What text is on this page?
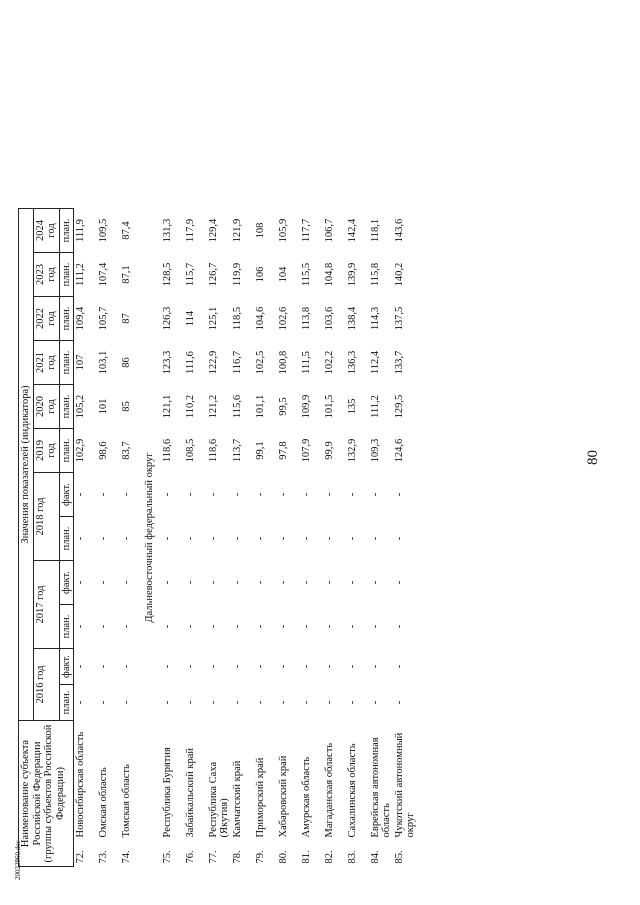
80
Наименование субъекта Российской Федерации (группы субъектов Российской Федерации)		Значения показателей (индикатора)											
		2016 год		2017 год		2018 год		2019 год	2020 год	2021 год	2022 год	2023 год	2024 год
		план.	факт.	план.	факт.	план.	факт.	план.	план.	план.	план.	план.	план.
72.	Новосибирская область	-	-	-	-	-	-	102,9	105,2	107	109,4	111,2	111,9
73.	Омская область	-	-	-	-	-	-	98,6	101	103,1	105,7	107,4	109,5
74.	Томская область	-	-	-	-	-	-	83,7	85	86	87	87,1	87,4
Дальневосточный федеральный округ													
75.	Республика Бурятия	-	-	-	-	-	-	118,6	121,1	123,3	126,3	128,5	131,3
76.	Забайкальский край	-	-	-	-	-	-	108,5	110,2	111,6	114	115,7	117,9
77.	Республика Саха (Якутия)	-	-	-	-	-	-	118,6	121,2	122,9	125,1	126,7	129,4
78.	Камчатский край	-	-	-	-	-	-	113,7	115,6	116,7	118,5	119,9	121,9
79.	Приморский край	-	-	-	-	-	-	99,1	101,1	102,5	104,6	106	108
80.	Хабаровский край	-	-	-	-	-	-	97,8	99,5	100,8	102,6	104	105,9
81.	Амурская область	-	-	-	-	-	-	107,9	109,9	111,5	113,8	115,5	117,7
82.	Магаданская область	-	-	-	-	-	-	99,9	101,5	102,2	103,6	104,8	106,7
83.	Сахалинская область	-	-	-	-	-	-	132,9	135	136,3	138,4	139,9	142,4
84.	Еврейская автономная область	-	-	-	-	-	-	109,3	111,2	112,4	114,3	115,8	118,1
85.	Чукотский автономный округ	-	-	-	-	-	-	124,6	129,5	133,7	137,5	140,2	143,6
20022860.doc
